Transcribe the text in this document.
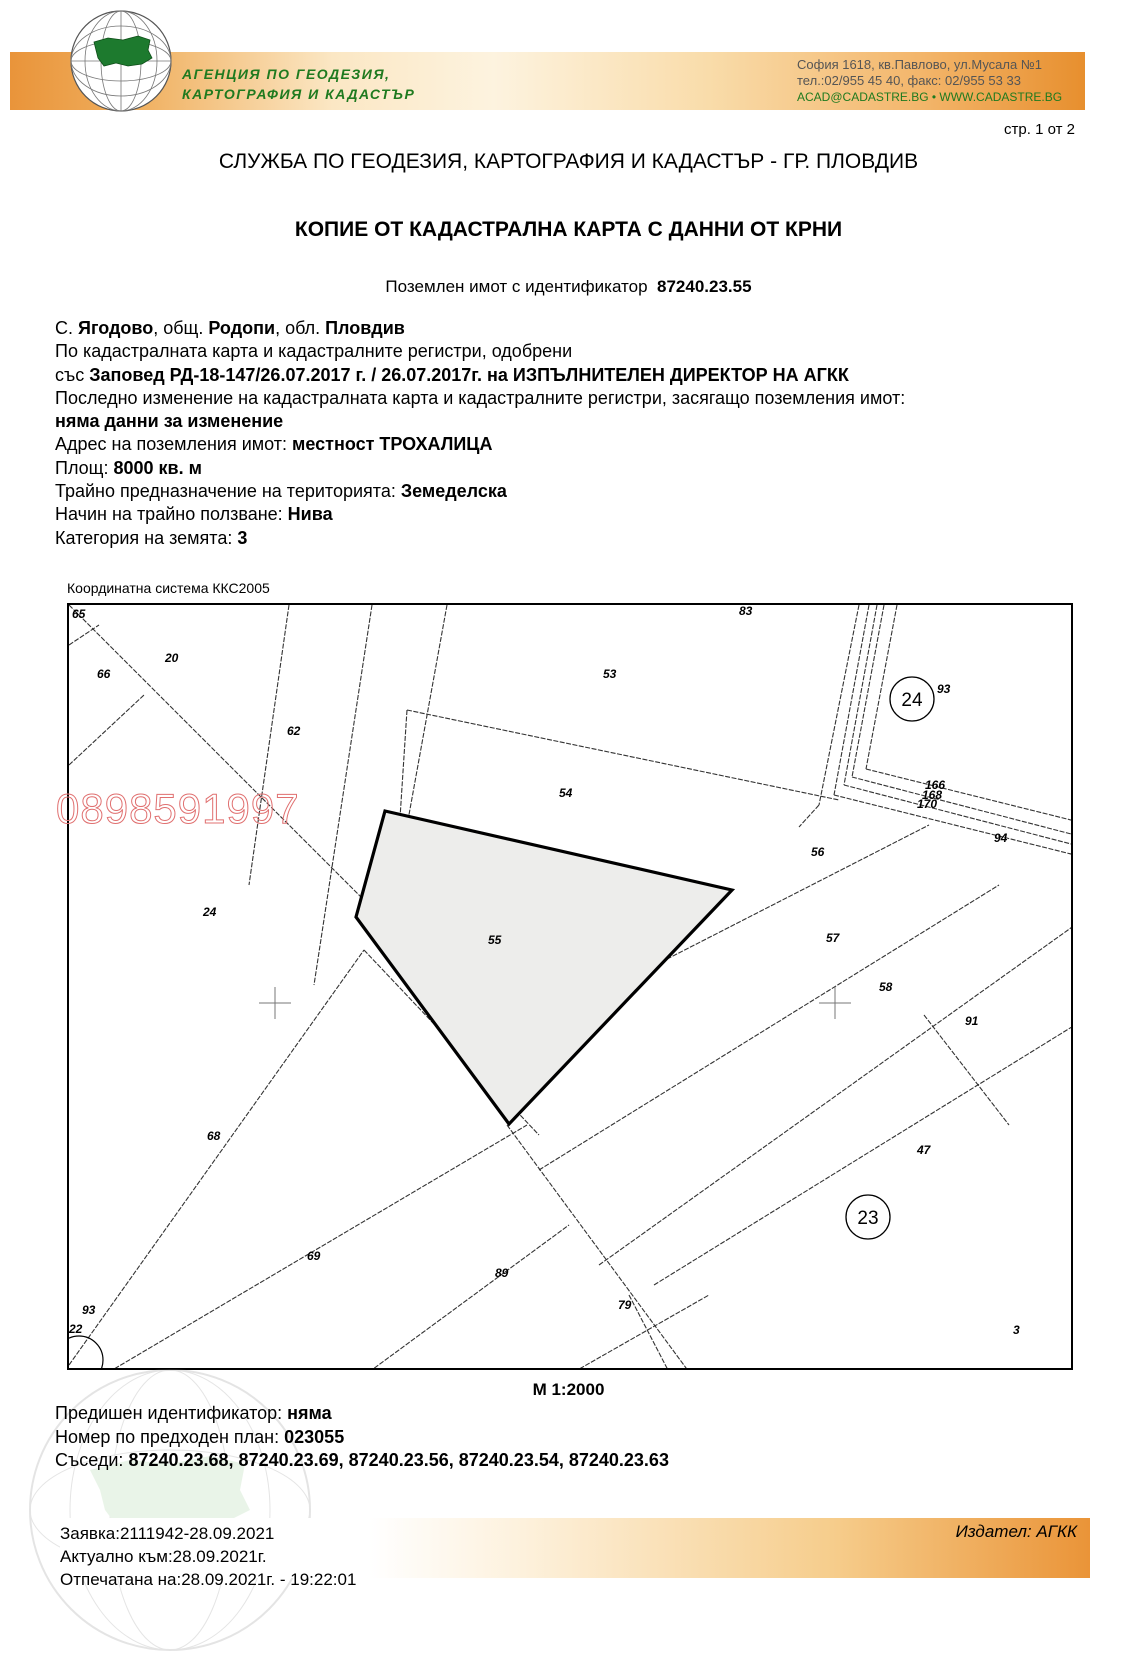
АГЕНЦИЯ ПО ГЕОДЕЗИЯ,
КАРТОГРАФИЯ И КАДАСТЪР
София 1618, кв.Павлово, ул.Мусала №1
тел.:02/955 45 40, факс: 02/955 53 33
ACAD@CADASTRE.BG • WWW.CADASTRE.BG
стр. 1 от 2
СЛУЖБА ПО ГЕОДЕЗИЯ, КАРТОГРАФИЯ И КАДАСТЪР - ГР. ПЛОВДИВ
КОПИЕ ОТ КАДАСТРАЛНА КАРТА С ДАННИ ОТ КРНИ
Поземлен имот с идентификатор 87240.23.55
С. Ягодово, общ. Родопи, обл. Пловдив
По кадастралната карта и кадастралните регистри, одобрени
със Заповед РД-18-147/26.07.2017 г. / 26.07.2017г. на ИЗПЪЛНИТЕЛЕН ДИРЕКТОР НА АГКК
Последно изменение на кадастралната карта и кадастралните регистри, засягащо поземления имот:
няма данни за изменение
Адрес на поземления имот: местност ТРОХАЛИЦА
Площ: 8000 кв. м
Трайно предназначение на територията: Земеделска
Начин на трайно ползване: Нива
Категория на земята: 3
Координатна система ККС2005
24
23
65
66
20
62
53
83
93
54
166
168
170
94
56
24
55	57
58
91
68
47
69
89
79
93
22	3
0898591997
М 1:2000
Предишен идентификатор: няма
Номер по предходен план: 023055
Съседи: 87240.23.68, 87240.23.69, 87240.23.56, 87240.23.54, 87240.23.63
Заявка:2111942-28.09.2021
Актуално към:28.09.2021г.
Отпечатана на:28.09.2021г. - 19:22:01
Издател: АГКК
